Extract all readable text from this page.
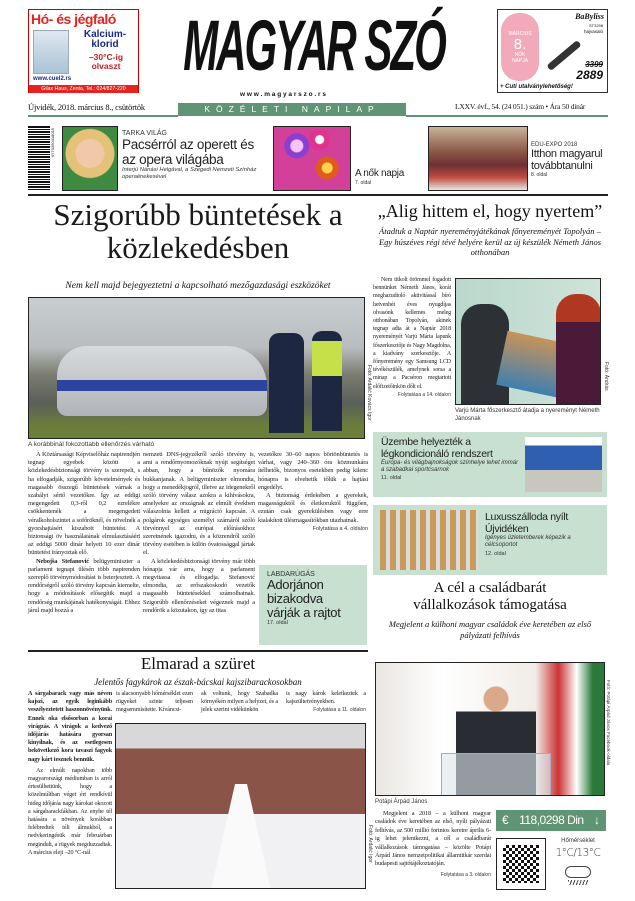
Hó- és jégfaló
Kalcium-klorid
–30°C-ig olvaszt
www.cuel2.rs
Gilax Haus, Zenta, Tel.: 024/827-220
MAGYAR SZÓ
w w w . m a g y a r s z o . r s
KÖZÉLETI NAPILAP
MÁRCIUS
8.
NŐK NAPJA
BaByliss
ST3298
hajvasaló
3399
2889
+ Cuti utalványlehetőség!
Újvidék, 2018. március 8., csütörtök	LXXV. évf., 54. (24 051.) szám • Ára 50 dinár
9770350418015	TARKA VILÁG
Pacsérról az operett és az opera világába
Interjú Nánási Helgával, a Szegedi Nemzeti Színház operaénekesével	A nők napja
7. oldal
EDU-EXPO 2018
Itthon magyarul továbbtanulni
8. oldal
Szigorúbb büntetések a közlekedésben
Nem kell majd bejegyeztetni a kapcsolható mezőgazdasági eszközöket
Fotó: Ardalić Kovács Igor
A korábbinál fokozottabb ellenőrzés várható

A Köztársasági Képviselőház napirendjén tegnap egyebek között a közlekedésbiztonsági törvény is szerepelt, s ha elfogadják, szigorúbb követelmények és magasabb összegű büntetések várnak a szabályt sértő vezetőkre. Így az eddigi megengedett 0,3-ről 0,2 ezrelékre csökkentenék a megengedett véralkoholszintet a sofőröknél, és növelnék a gyorshajtásért kiszabott büntetést. A biztonsági öv használatának elmulasztásáért az eddigi 5000 dinár helyett 10 ezer dinár büntetést irányoztak elő.

Nebojša Stefanović belügyminiszter a parlament tegnapi ülésén több napirenden szereplő törvénymódosítást is beterjesztett. A rendőrségről szóló törvény kapcsán kiemelte, hogy a módosítások elősegítik majd a rendőrség munkájának hatékonyságát. Ehhez járul majd hozzá a

nemzeti DNS-jegyzékről szóló törvény is, ami a rendőrnyomozóknak nyújt segítséget abban, hogy a bűnözők nyomára bukkanjanak. A belügyminiszter elmondta, hogy a menedékjogról, illetve az idegenekről szóló törvény válasz azokra a kihívásokra, amelyekre az országnak az elmúlt években válaszolnia kellett a migráció kapcsán. A polgárok egységes személyi számáról szóló törvénnyel az európai előírásokhoz szeretnének igazodni, és a közrendről szóló törvény esetében is külön óvatossággal jártak el.

A közlekedésbiztonsági törvény már több hónapja vár arra, hogy a parlament megvitassa és elfogadja. Stefanović elmondta, az erőszakoskodó vezetők magasabb büntetésekkel számolhatnak. Szigorúbb ellenőrzéseket végeznek majd a rendőrök a közutakon, így az ittas

vezetőkre 30–60 napos börtönbüntetés is várhat, vagy 240–360 óra közmunkára ítélhetők, bizonyos esetekben pedig kilenc hónapra is elvehetik tőlük a hajtási engedélyt.

A biztonság érdekében a gyerekek, magasságuktól és életkoruktól függően, ezután csak gyerekülésben vagy erre kialakított ülésmagasítókban utazhatnak.

Folytatása a 4. oldalon

LABDARÚGÁS
Adorjánon bizakodva várják a rajtot
17. oldal
„Alig hittem el, hogy nyertem”
Átadtuk a Naptár nyereményjátékának főnyereményét Topolyán – Egy húszéves régi tévé helyére kerül az új készülék Németh János otthonában

Nem titkolt örömmel fogadott bennünket Németh János, korát meghazudtoló aktivitással bíró hetvenhét éves nyugdíjas olvasónk kellemes meleg otthonában Topolyán, akinek tegnap adta át a Naptár 2018 nyereményét Varjú Márta lapunk főszerkesztője és Nagy Magdolna, a kiadvány szerkesztője. A főnyeremény egy Samsung LCD tévékészülék, amelynek sorsa a minap a Pacséron megtartott előfizetőinkön dőlt el.

Folytatása a 14. oldalon

Fotó: Ándrás
Varjú Márta főszerkesztő átadja a nyereményt Németh Jánosnak
Üzembe helyezték a légkondicionáló rendszert
Európa- és világbajnokságok színhelye lehet immár a szabadkai sportcsarnok
11. oldal
Luxusszálloda nyílt Újvidéken
Igényes üzletemberek képezik a célcsoportot
12. oldal
A cél a családbarát vállalkozások támogatása
Megjelent a külhoni magyar családok éve keretében az első pályázati felhívás
Elmarad a szüret
Jelentős fagykárok az észak-bácskai kajszibarackosokban

A sárgabarack vagy más néven kajszi, az egyik leginkább veszélyeztetett haszonnövényünk. Ennek oka elsősorban a korai virágzás. A virágok a kedvező időjárás hatására gyorsan kinyílnak, és az esetlegesen bekövetkező kora tavaszi fagyok nagy kárt tesznek bennük.

Az elmúlt napokban több magyarországi médiumban is arról értesülhettünk, hogy a közelmúltban véget ért rendkívül hideg időjárás nagy károkat okozott a sárgabarackfákban. Az enyhe tél hatására a növények korábban felébredtek téli álmukból, a nedvkeringésük már februárban megindult, a rügyek megduzzadtak. A március eleji –20 °C-nál

is alacsonyabb hőmérséklet ezen rügyeket szinte teljesen megsemmisítette. Kíváncsi-
ak voltunk, hogy Szabadka környékén milyen a helyzet, és a jelek szerint vidékünkön

is nagy károk keletkeztek a kajszültetvényekben.

Folytatása a 11. oldalon

Fotó: Ardalić Igor
Fotó: Potápi Árpád János Facebook-oldala
Potápi Árpád János

Megjelent a 2018 – a külhoni magyar családok éve keretében az első, nyílt pályázati felhívás, az 500 millió forintos keretre április 6-ig lehet jelentkezni, a cél a családbarát vállalkozások támogatása – közölte Potápi Árpád János nemzetpolitikai államtitkár szerdai budapesti sajtótájékoztatóján.

Folytatása a 3. oldalon

€ 118,0298 Din ↓
Hőmérséklet
1°C/13°C
